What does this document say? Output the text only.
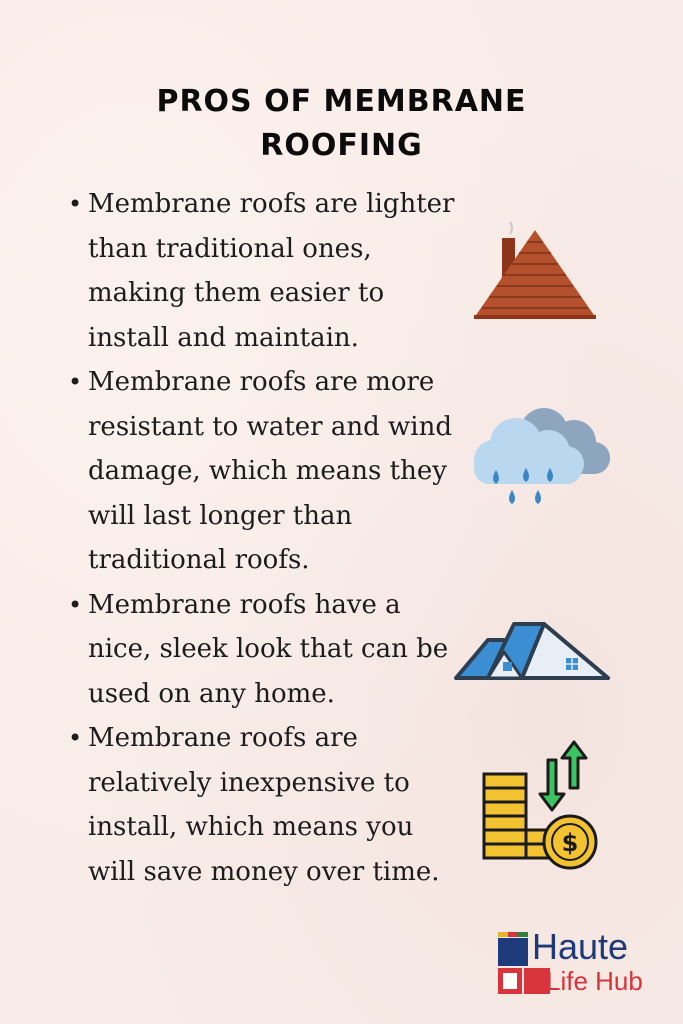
PROS OF MEMBRANE
ROOFING
• Membrane roofs are lighter
than traditional ones,
making them easier to
install and maintain.
• Membrane roofs are more
resistant to water and wind
damage, which means they
will last longer than
traditional roofs.
• Membrane roofs have a
nice, sleek look that can be
used on any home.
• Membrane roofs are
relatively inexpensive to
install, which means you
will save money over time.
$
Haute
Life Hub
